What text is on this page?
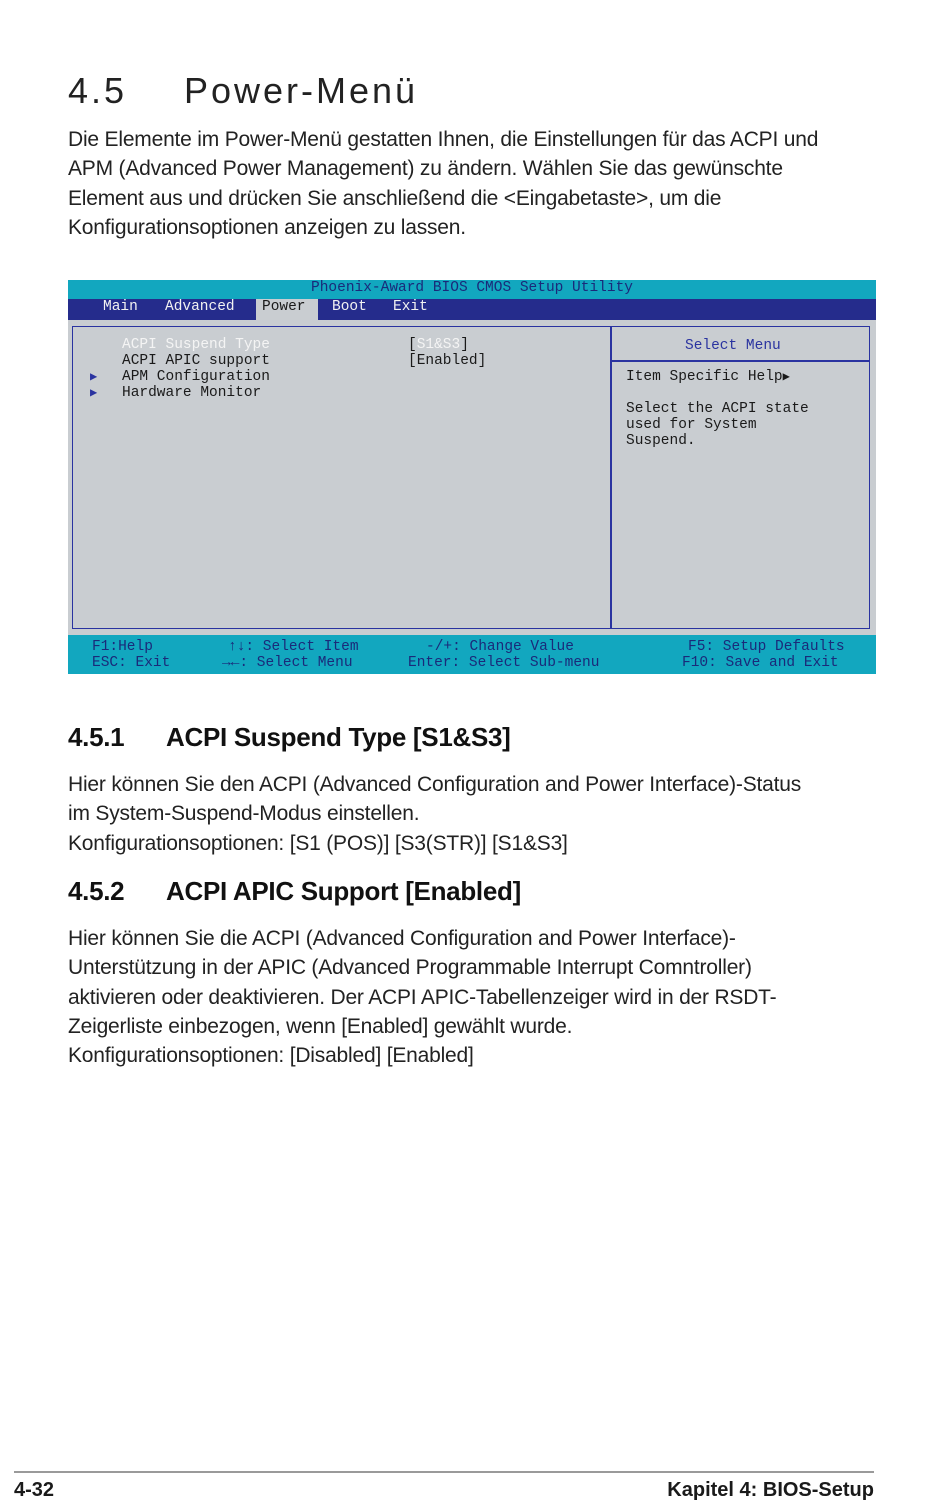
4.5 Power-Menü
Die Elemente im Power-Menü gestatten Ihnen, die Einstellungen für das ACPI und
APM (Advanced Power Management) zu ändern. Wählen Sie das gewünschte
Element aus und drücken Sie anschließend die <Eingabetaste>, um die
Konfigurationsoptionen anzeigen zu lassen.
Phoenix-Award BIOS CMOS Setup Utility
Main Advanced	Power	Boot Exit
ACPI Suspend Type	[S1&S3]
ACPI APIC support	[Enabled]
▶ APM Configuration
▶ Hardware Monitor
Select Menu
Item Specific Help▶
Select the ACPI state
used for System
Suspend.
F1:Help
ESC: Exit
↑↓: Select Item
→←: Select Menu
-/+: Change Value
Enter: Select Sub-menu
F5: Setup Defaults
F10: Save and Exit
4.5.1 ACPI Suspend Type [S1&S3]
Hier können Sie den ACPI (Advanced Configuration and Power Interface)-Status
im System-Suspend-Modus einstellen.
Konfigurationsoptionen: [S1 (POS)] [S3(STR)] [S1&S3]
4.5.2 ACPI APIC Support [Enabled]
Hier können Sie die ACPI (Advanced Configuration and Power Interface)-
Unterstützung in der APIC (Advanced Programmable Interrupt Comntroller)
aktivieren oder deaktivieren. Der ACPI APIC-Tabellenzeiger wird in der RSDT-
Zeigerliste einbezogen, wenn [Enabled] gewählt wurde.
Konfigurationsoptionen: [Disabled] [Enabled]
4-32	Kapitel 4: BIOS-Setup
